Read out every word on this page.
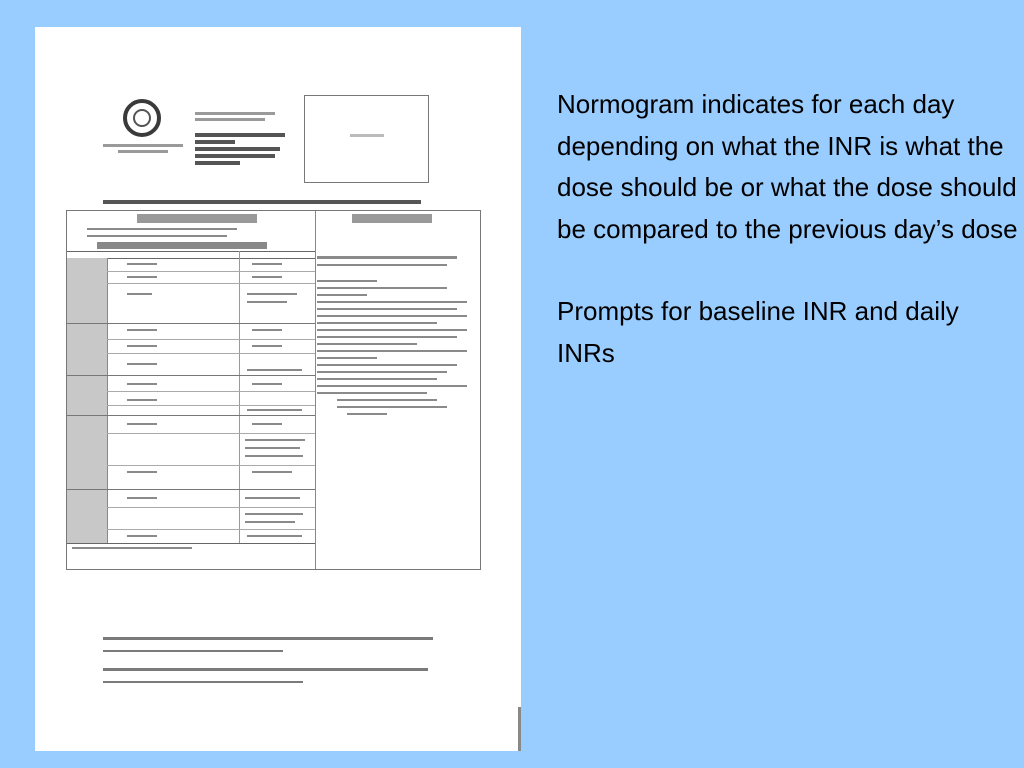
Normogram indicates for each day depending on what the INR is what the dose should be or what the dose should be compared to the previous day’s dose

Prompts for baseline INR and daily INRs
